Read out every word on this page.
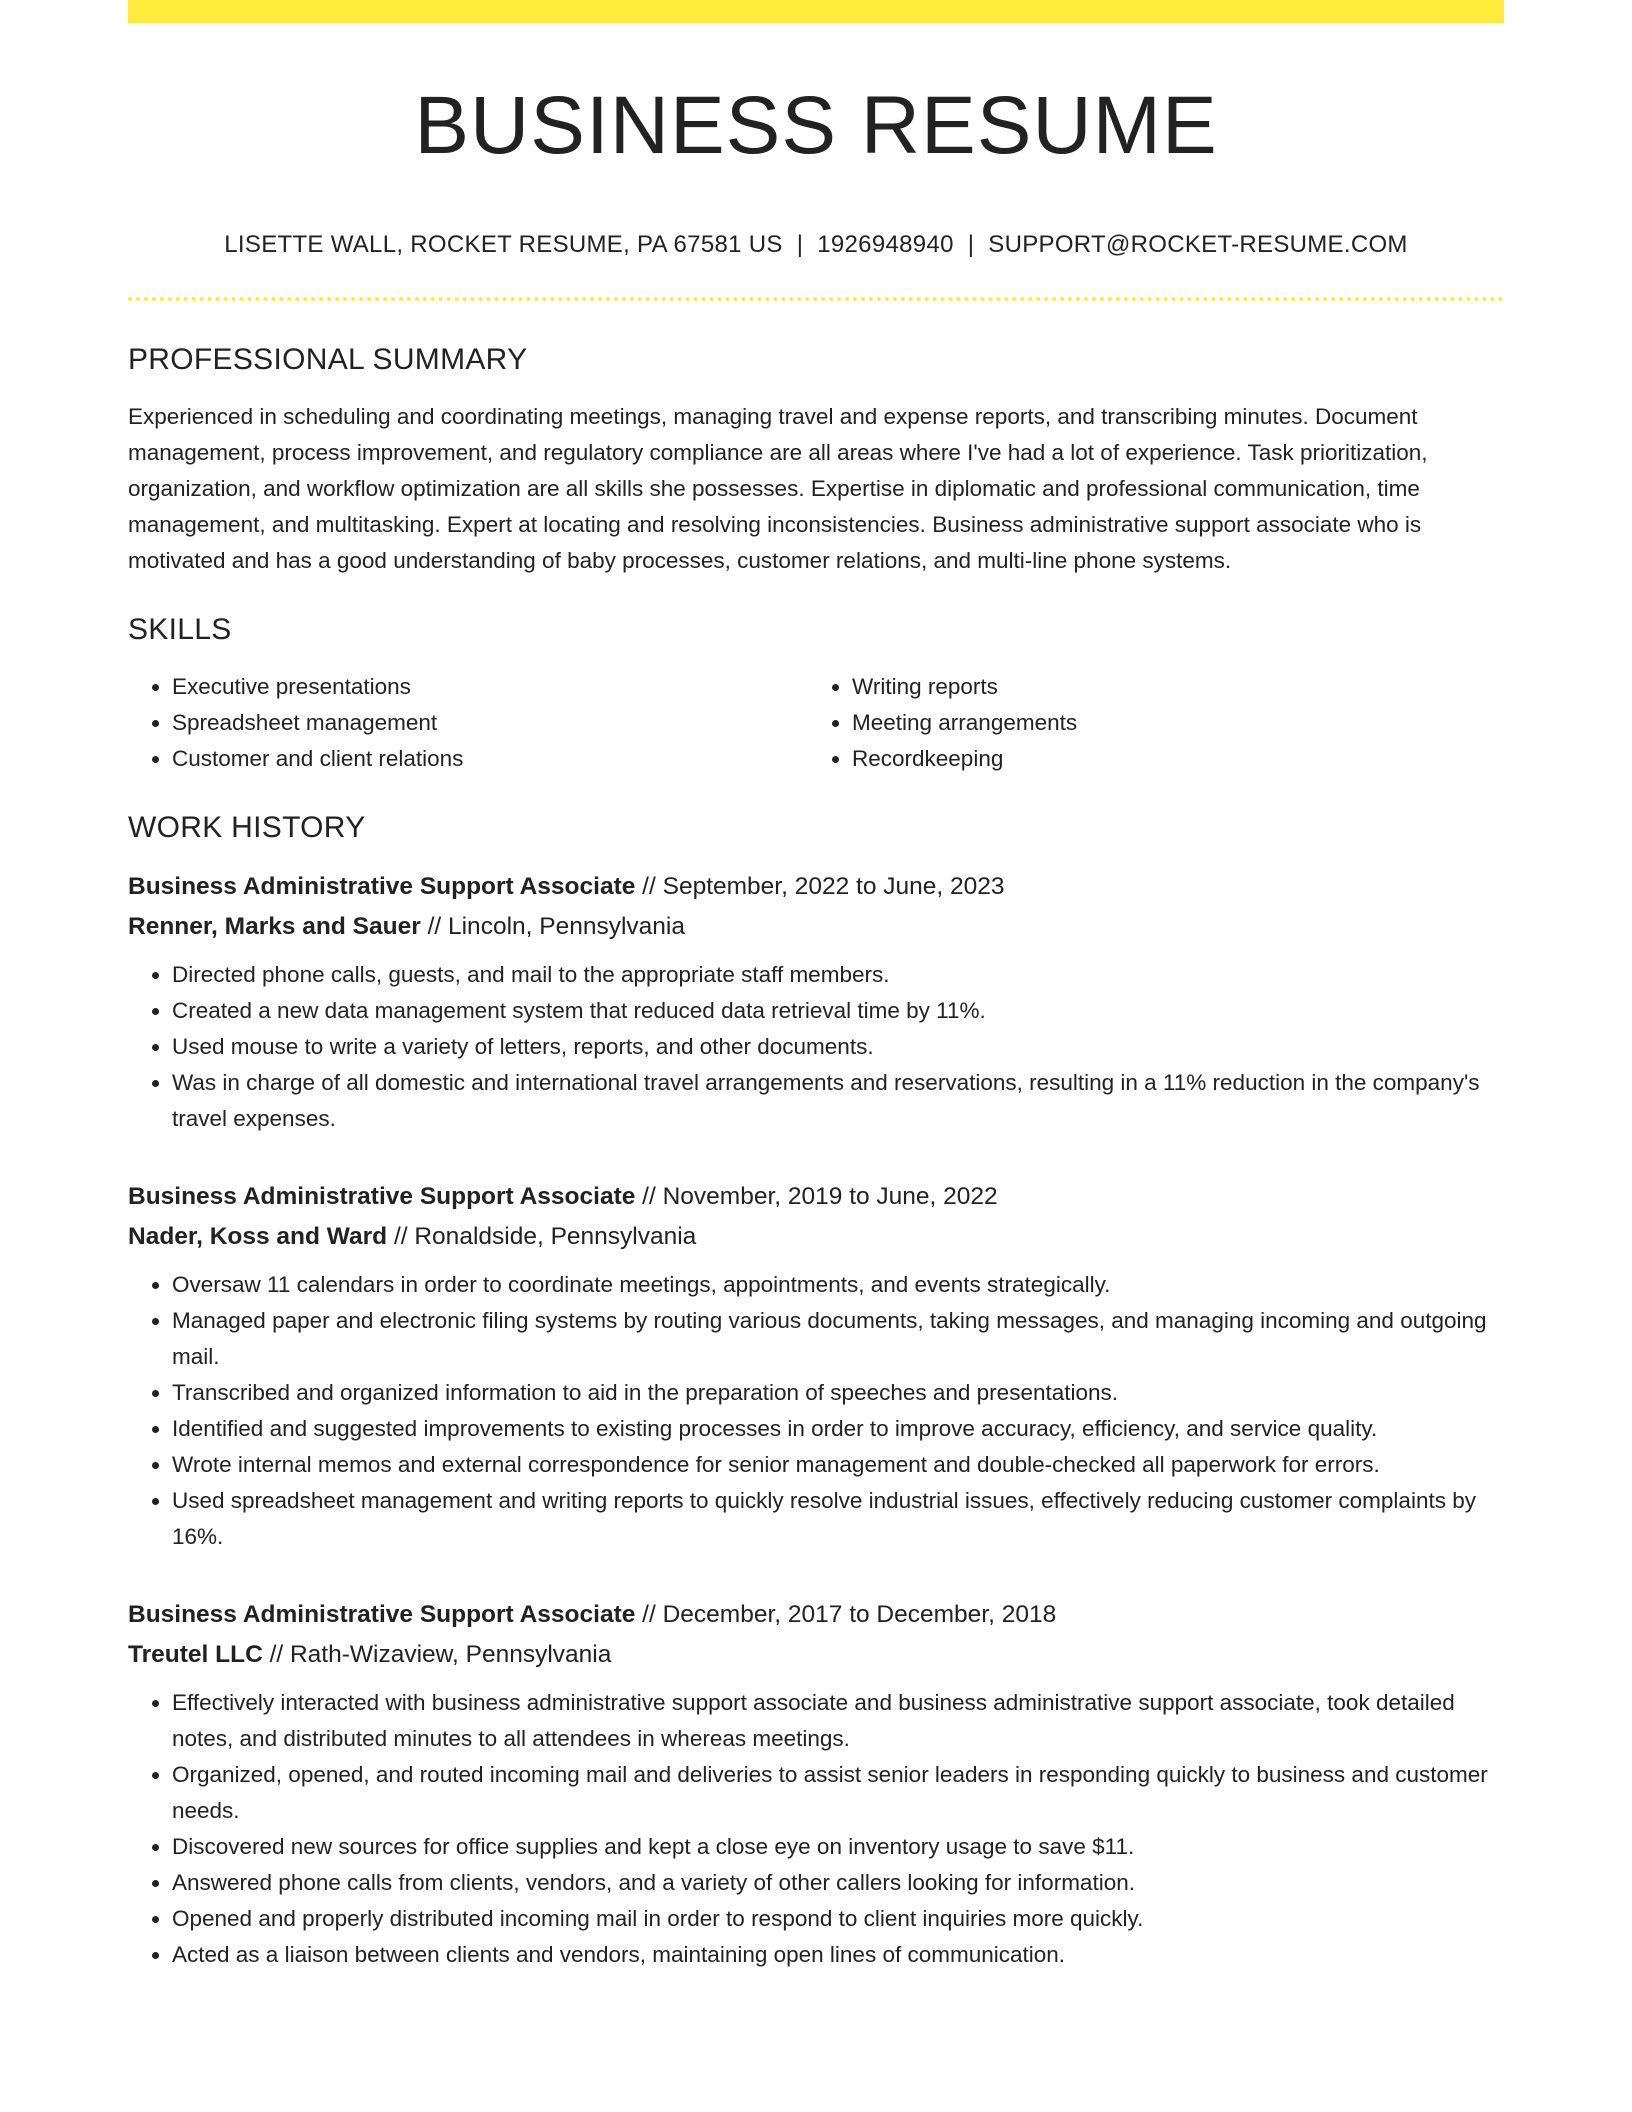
BUSINESS RESUME
LISETTE WALL, ROCKET RESUME, PA 67581 US | 1926948940 | SUPPORT@ROCKET-RESUME.COM
PROFESSIONAL SUMMARY
Experienced in scheduling and coordinating meetings, managing travel and expense reports, and transcribing minutes. Document management, process improvement, and regulatory compliance are all areas where I've had a lot of experience. Task prioritization, organization, and workflow optimization are all skills she possesses. Expertise in diplomatic and professional communication, time management, and multitasking. Expert at locating and resolving inconsistencies. Business administrative support associate who is motivated and has a good understanding of baby processes, customer relations, and multi-line phone systems.
SKILLS
• Executive presentations
• Spreadsheet management
• Customer and client relations
• Writing reports
• Meeting arrangements
• Recordkeeping
WORK HISTORY
Business Administrative Support Associate // September, 2022 to June, 2023
Renner, Marks and Sauer // Lincoln, Pennsylvania
• Directed phone calls, guests, and mail to the appropriate staff members.
• Created a new data management system that reduced data retrieval time by 11%.
• Used mouse to write a variety of letters, reports, and other documents.
• Was in charge of all domestic and international travel arrangements and reservations, resulting in a 11% reduction in the company's travel expenses.
Business Administrative Support Associate // November, 2019 to June, 2022
Nader, Koss and Ward // Ronaldside, Pennsylvania
• Oversaw 11 calendars in order to coordinate meetings, appointments, and events strategically.
• Managed paper and electronic filing systems by routing various documents, taking messages, and managing incoming and outgoing mail.
• Transcribed and organized information to aid in the preparation of speeches and presentations.
• Identified and suggested improvements to existing processes in order to improve accuracy, efficiency, and service quality.
• Wrote internal memos and external correspondence for senior management and double-checked all paperwork for errors.
• Used spreadsheet management and writing reports to quickly resolve industrial issues, effectively reducing customer complaints by 16%.
Business Administrative Support Associate // December, 2017 to December, 2018
Treutel LLC // Rath-Wizaview, Pennsylvania
• Effectively interacted with business administrative support associate and business administrative support associate, took detailed notes, and distributed minutes to all attendees in whereas meetings.
• Organized, opened, and routed incoming mail and deliveries to assist senior leaders in responding quickly to business and customer needs.
• Discovered new sources for office supplies and kept a close eye on inventory usage to save $11.
• Answered phone calls from clients, vendors, and a variety of other callers looking for information.
• Opened and properly distributed incoming mail in order to respond to client inquiries more quickly.
• Acted as a liaison between clients and vendors, maintaining open lines of communication.
